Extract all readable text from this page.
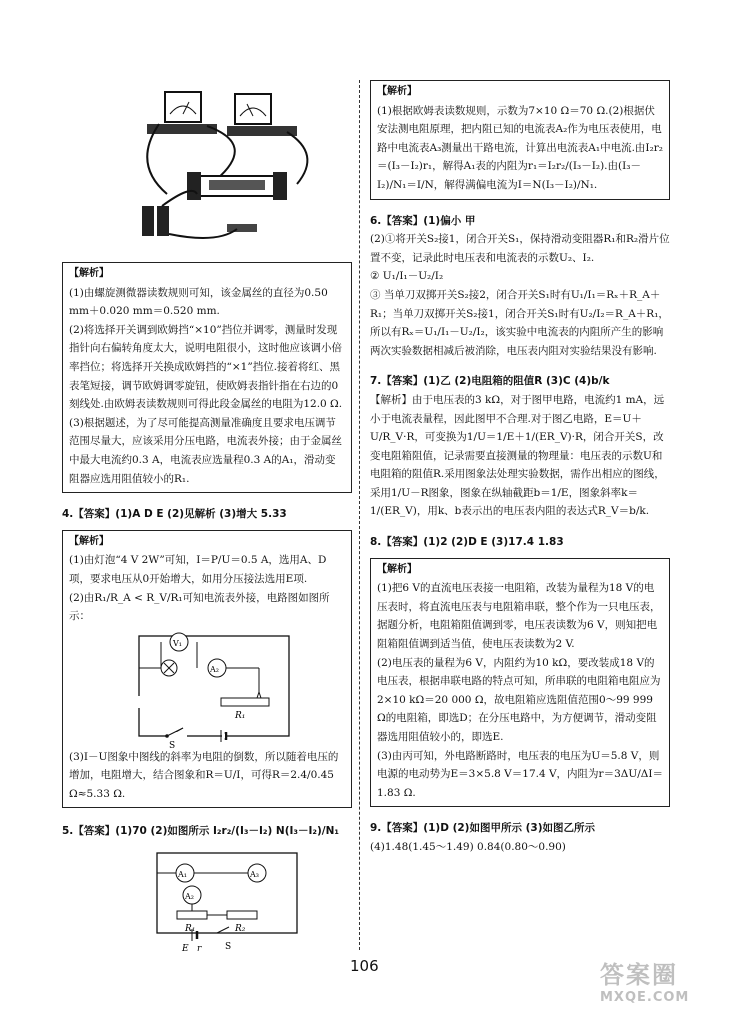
【解析】

(1)由螺旋测微器读数规则可知，该金属丝的直径为0.50 mm＋0.020 mm＝0.520 mm.

(2)将选择开关调到欧姆挡“×10”挡位并调零，测量时发现指针向右偏转角度太大，说明电阻很小，这时他应该调小倍率挡位；将选择开关换成欧姆挡的“×1”挡位.接着将红、黑表笔短接，调节欧姆调零旋钮，使欧姆表指针指在右边的0刻线处.由欧姆表读数规则可得此段金属丝的电阻为12.0 Ω.

(3)根据题述，为了尽可能提高测量准确度且要求电压调节范围尽量大，应该采用分压电路，电流表外接；由于金属丝中最大电流约0.3 A，电流表应选量程0.3 A的A₁，滑动变阻器应选用阻值较小的R₁.

4.【答案】(1)A D E (2)见解析 (3)增大 5.33

【解析】

(1)由灯泡“4 V 2W”可知，I＝P/U＝0.5 A，选用A、D项，要求电压从0开始增大，如用分压接法选用E项.

(2)由R₁/R_A < R_V/R₁可知电流表外接，电路图如图所示：

V₁
A₂
R₁
S

(3)I－U图象中图线的斜率为电阻的倒数，所以随着电压的增加，电阻增大，结合图象和R＝U/I，可得R＝2.4/0.45 Ω≈5.33 Ω.

5.【答案】(1)70 (2)如图所示 I₂r₂/(I₃－I₂) N(I₃－I₂)/N₁

A₁	A₃
A₂
R₁	R₂
E r	S

【解析】

(1)根据欧姆表读数规则，示数为7×10 Ω＝70 Ω.(2)根据伏安法测电阻原理，把内阻已知的电流表A₂作为电压表使用，电路中电流表A₃测量出干路电流，计算出电流表A₁中电流.由I₂r₂＝(I₃－I₂)r₁，解得A₁表的内阻为r₁＝I₂r₂/(I₃－I₂).由(I₃－I₂)/N₁＝I/N，解得满偏电流为I＝N(I₃－I₂)/N₁.

6.【答案】(1)偏小 甲

(2)①将开关S₂接1，闭合开关S₁，保持滑动变阻器R₁和R₂滑片位置不变，记录此时电压表和电流表的示数U₂、I₂.

② U₁/I₁－U₂/I₂

③ 当单刀双掷开关S₂接2，闭合开关S₁时有U₁/I₁＝Rₓ＋R_A＋R₁；当单刀双掷开关S₂接1，闭合开关S₁时有U₂/I₂＝R_A＋R₁，所以有Rₓ＝U₁/I₁－U₂/I₂，该实验中电流表的内阻所产生的影响两次实验数据相减后被消除，电压表内阻对实验结果没有影响.

7.【答案】(1)乙 (2)电阻箱的阻值R (3)C (4)b/k

【解析】由于电压表的3 kΩ，对于图甲电路，电流约1 mA，远小于电流表量程，因此图甲不合理.对于图乙电路，E＝U＋U/R_V·R，可变换为1/U＝1/E＋1/(ER_V)·R，闭合开关S，改变电阻箱阻值，记录需要直接测量的物理量：电压表的示数U和电阻箱的阻值R.采用图象法处理实验数据，需作出相应的图线，采用1/U－R图象，图象在纵轴截距b＝1/E，图象斜率k＝1/(ER_V)，用k、b表示出的电压表内阻的表达式R_V＝b/k.

8.【答案】(1)2 (2)D E (3)17.4 1.83

【解析】

(1)把6 V的直流电压表接一电阻箱，改装为量程为18 V的电压表时，将直流电压表与电阻箱串联，整个作为一只电压表，据题分析，电阻箱阻值调到零，电压表读数为6 V，则知把电阻箱阻值调到适当值，使电压表读数为2 V.

(2)电压表的量程为6 V，内阻约为10 kΩ，要改装成18 V的电压表，根据串联电路的特点可知，所串联的电阻箱电阻应为2×10 kΩ＝20 000 Ω，故电阻箱应选阻值范围0～99 999 Ω的电阻箱，即选D；在分压电路中，为方便调节，滑动变阻器选用阻值较小的，即选E.

(3)由丙可知，外电路断路时，电压表的电压为U＝5.8 V，则电源的电动势为E＝3×5.8 V＝17.4 V，内阻为r＝3ΔU/ΔI＝1.83 Ω.

9.【答案】(1)D (2)如图甲所示 (3)如图乙所示

(4)1.48(1.45～1.49) 0.84(0.80～0.90)

106	答案圈
MXQE.COM
